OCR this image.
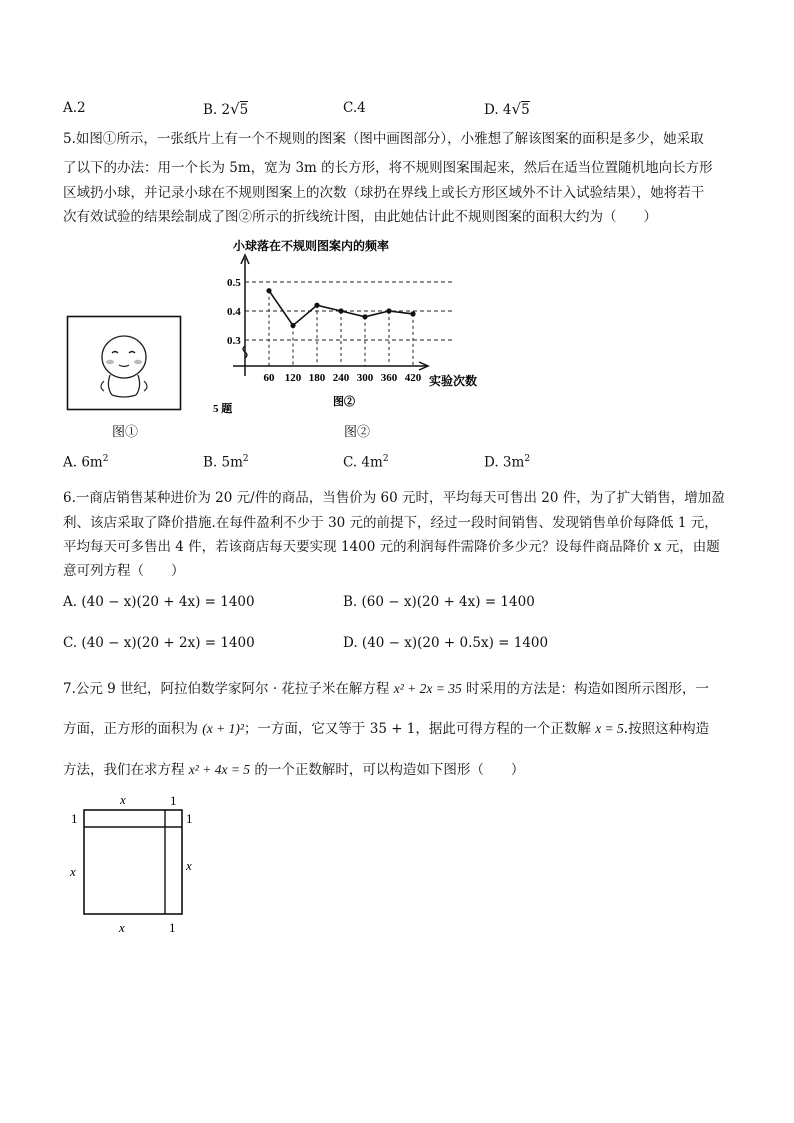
A.2	B. 2√5	C.4	D. 4√5
5.如图①所示，一张纸片上有一个不规则的图案（图中画图部分），小雅想了解该图案的面积是多少，她采取
了以下的办法：用一个长为 5m，宽为 3m 的长方形，将不规则图案围起来，然后在适当位置随机地向长方形
区域扔小球，并记录小球在不规则图案上的次数（球扔在界线上或长方形区域外不计入试验结果），她将若干
次有效试验的结果绘制成了图②所示的折线统计图，由此她估计此不规则图案的面积大约为（　　）
小球落在不规则图案内的频率
0.3
0.4
0.5
60 120 180 240 300 360 420 实验次数
5 题
图②
图①	图②
A. $6m^2$	B. $5m^2$	C. $4m^2$	D. $3m^2$
6.一商店销售某种进价为 20 元/件的商品，当售价为 60 元时，平均每天可售出 20 件，为了扩大销售，增加盈
利、该店采取了降价措施.在每件盈利不少于 30 元的前提下，经过一段时间销售、发现销售单价每降低 1 元，
平均每天可多售出 4 件，若该商店每天要实现 1400 元的利润每件需降价多少元？设每件商品降价 x 元，由题
意可列方程（　　）
A. (40 − x)(20 + 4x) = 1400	B. (60 − x)(20 + 4x) = 1400
C. (40 − x)(20 + 2x) = 1400	D. (40 − x)(20 + 0.5x) = 1400
7.公元 9 世纪，阿拉伯数学家阿尔 · 花拉子米在解方程 x² + 2x = 35 时采用的方法是：构造如图所示图形，一
方面，正方形的面积为 (x + 1)²；一方面，它又等于 35 + 1，据此可得方程的一个正数解 x = 5.按照这种构造
方法，我们在求方程 x² + 4x = 5 的一个正数解时，可以构造如下图形（　　）
x	1
1
x
1
x
x	1
